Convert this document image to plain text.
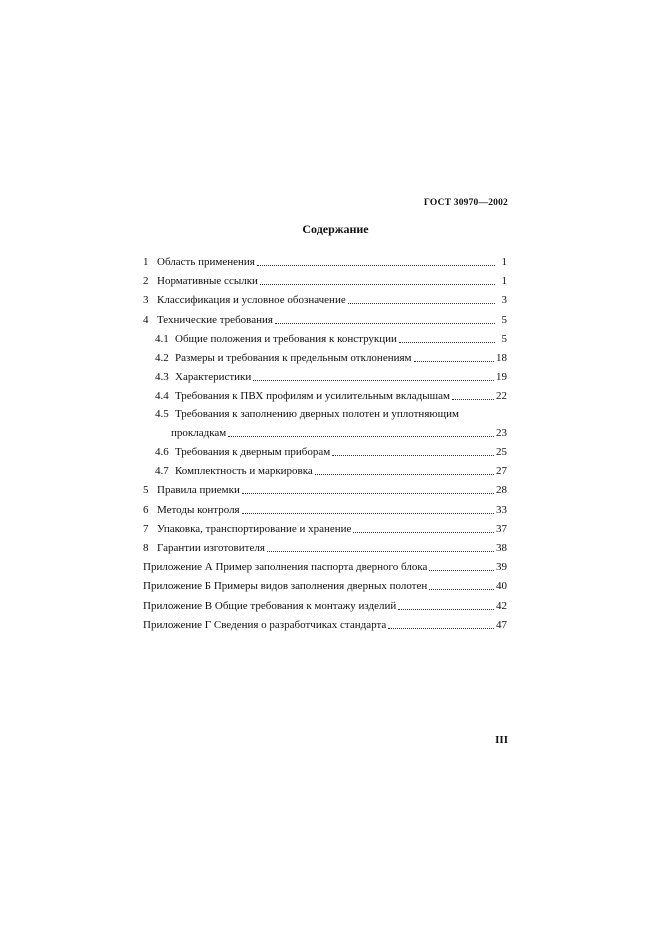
ГОСТ 30970—2002
Содержание
1 Область применения	1
2 Нормативные ссылки	1
3 Классификация и условное обозначение	3
4 Технические требования	5
4.1 Общие положения и требования к конструкции	5
4.2 Размеры и требования к предельным отклонениям	18
4.3 Характеристики	19
4.4 Требования к ПВХ профилям и усилительным вкладышам	22
4.5 Требования к заполнению дверных полотен и уплотняющим
прокладкам	23
4.6 Требования к дверным приборам	25
4.7 Комплектность и маркировка	27
5 Правила приемки	28
6 Методы контроля	33
7 Упаковка, транспортирование и хранение	37
8 Гарантии изготовителя	38
Приложение А Пример заполнения паспорта дверного блока	39
Приложение Б Примеры видов заполнения дверных полотен	40
Приложение В Общие требования к монтажу изделий	42
Приложение Г Сведения о разработчиках стандарта	47
III
